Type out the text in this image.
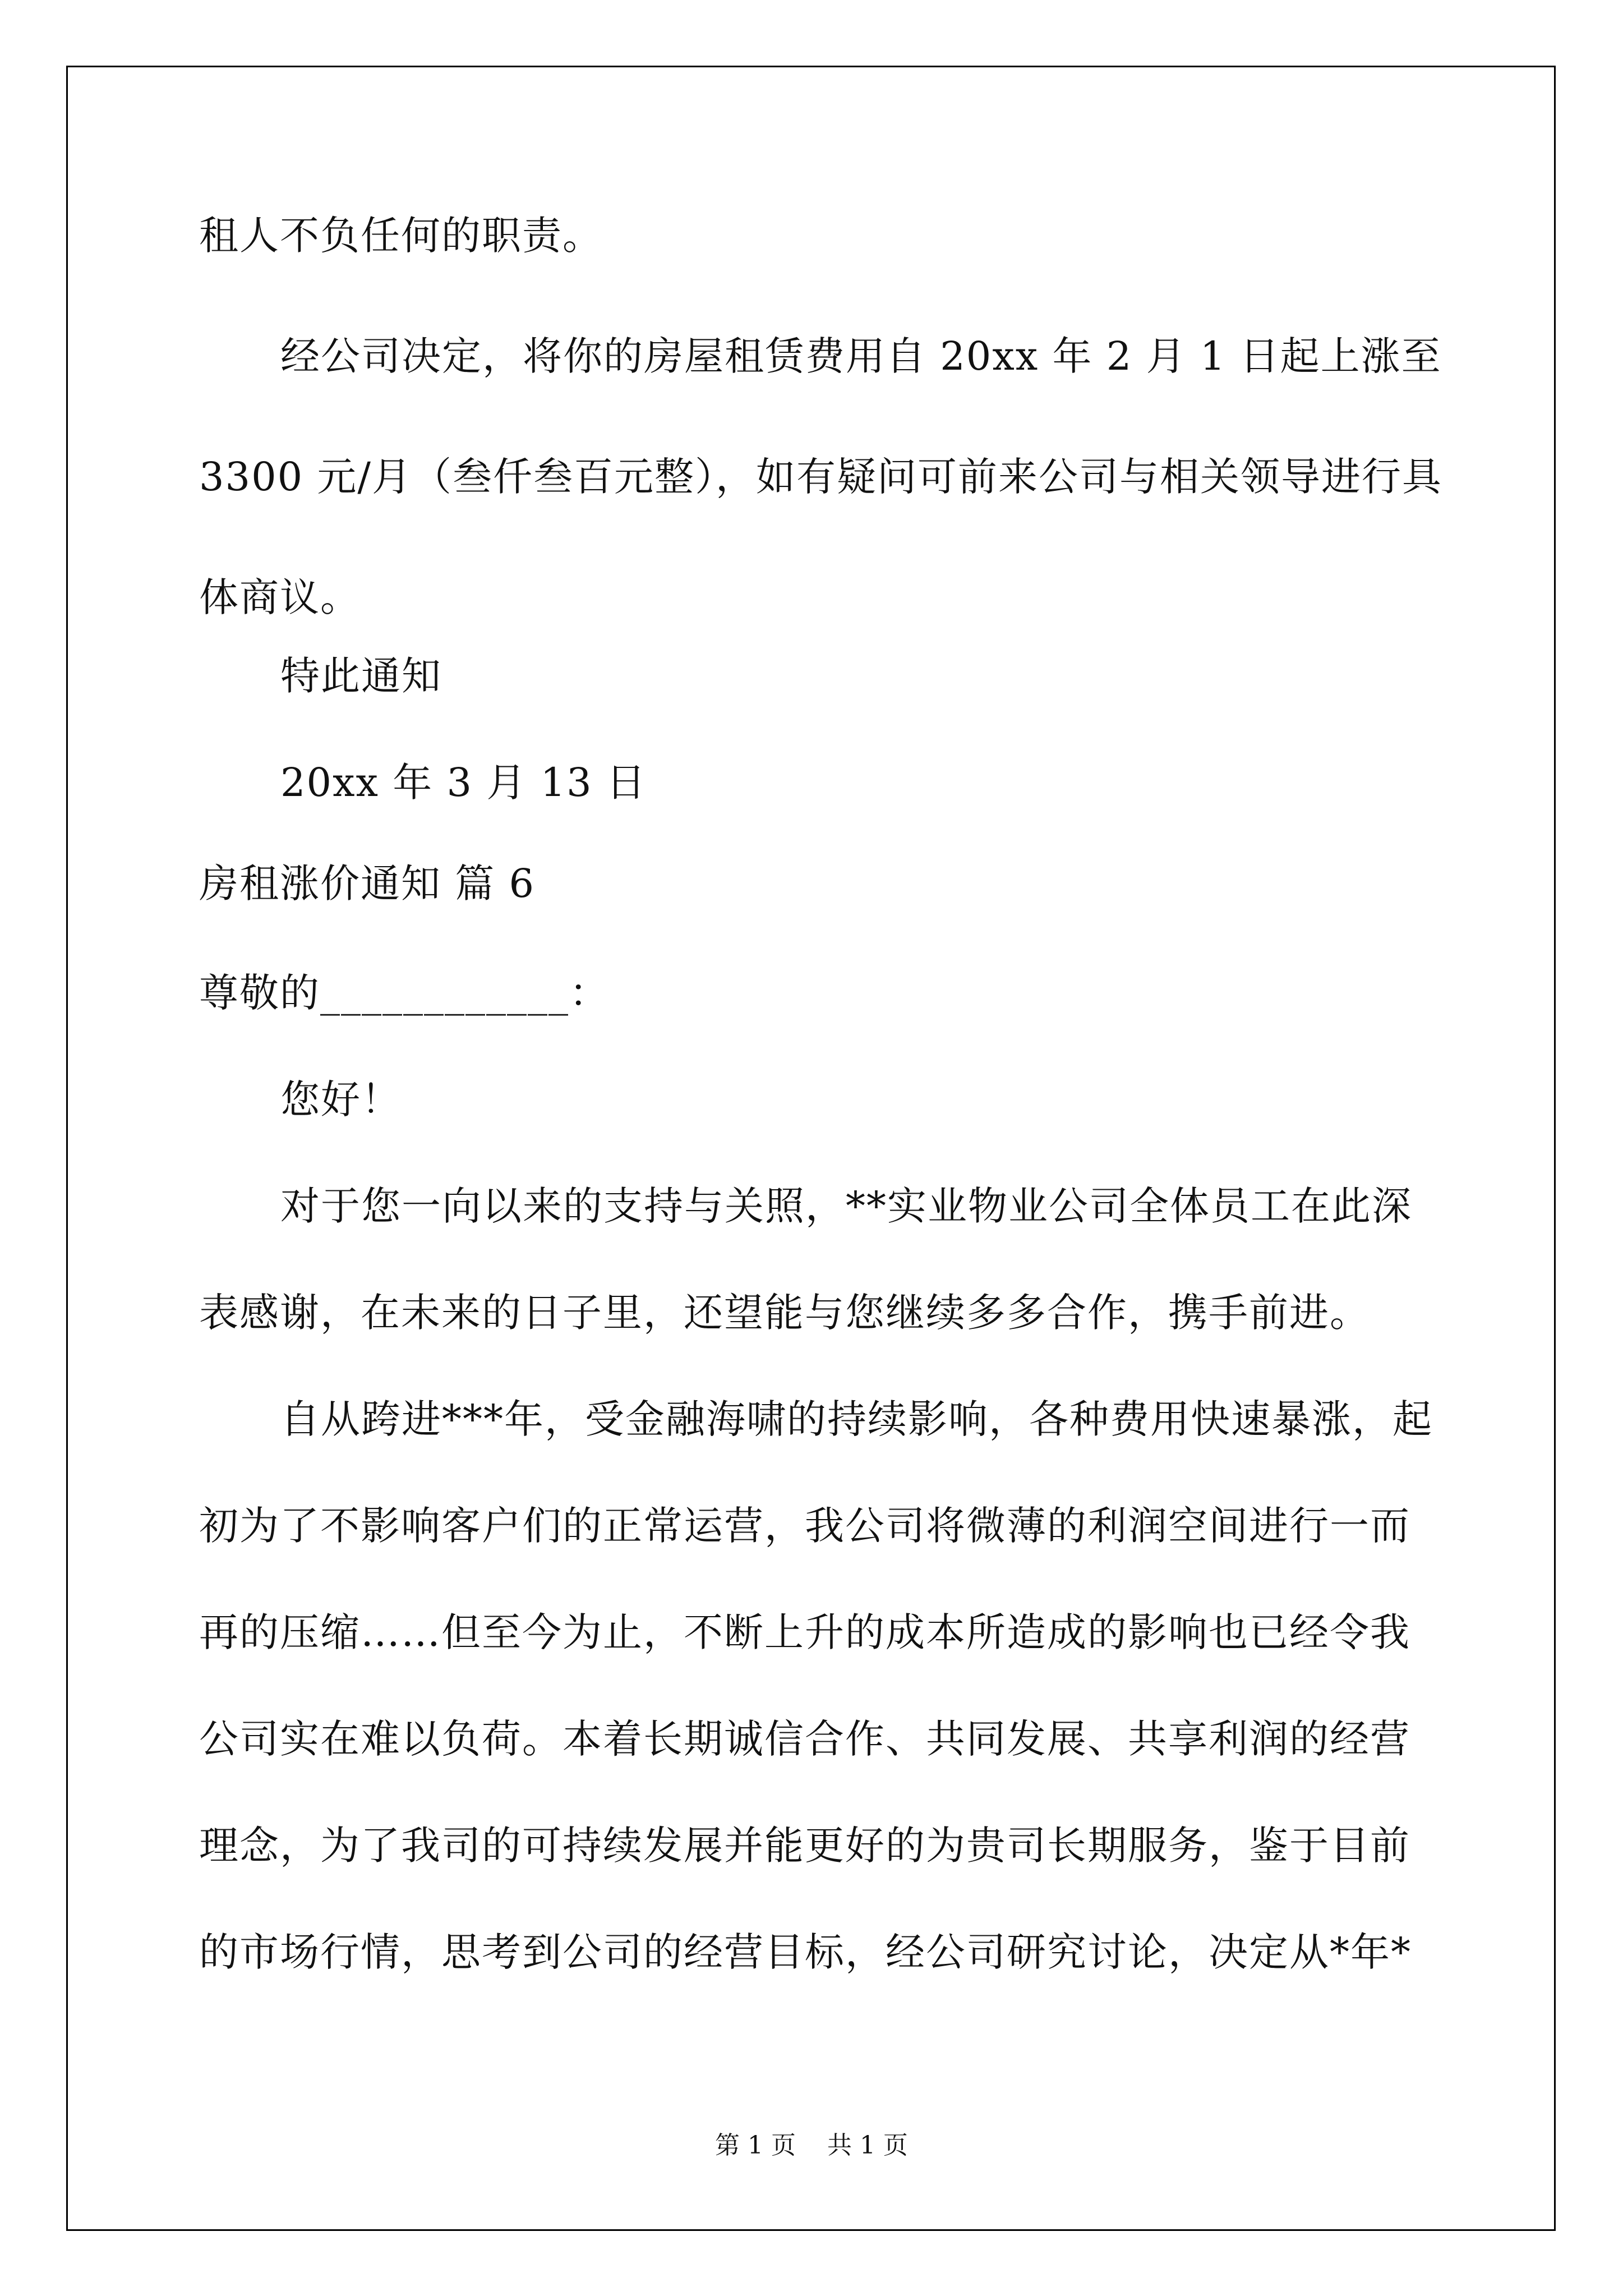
租人不负任何的职责。
经公司决定，将你的房屋租赁费用自 20xx 年 2 月 1 日起上涨至
3300 元/月（叁仟叁百元整），如有疑问可前来公司与相关领导进行具
体商议。
特此通知
20xx 年 3 月 13 日
房租涨价通知 篇 6
尊敬的____________：
您好！
对于您一向以来的支持与关照，**实业物业公司全体员工在此深
表感谢，在未来的日子里，还望能与您继续多多合作，携手前进。
自从跨进***年，受金融海啸的持续影响，各种费用快速暴涨，起
初为了不影响客户们的正常运营，我公司将微薄的利润空间进行一而
再的压缩……但至今为止，不断上升的成本所造成的影响也已经令我
公司实在难以负荷。本着长期诚信合作、共同发展、共享利润的经营
理念，为了我司的可持续发展并能更好的为贵司长期服务，鉴于目前
的市场行情，思考到公司的经营目标，经公司研究讨论，决定从*年*
第 1 页    共 1 页
